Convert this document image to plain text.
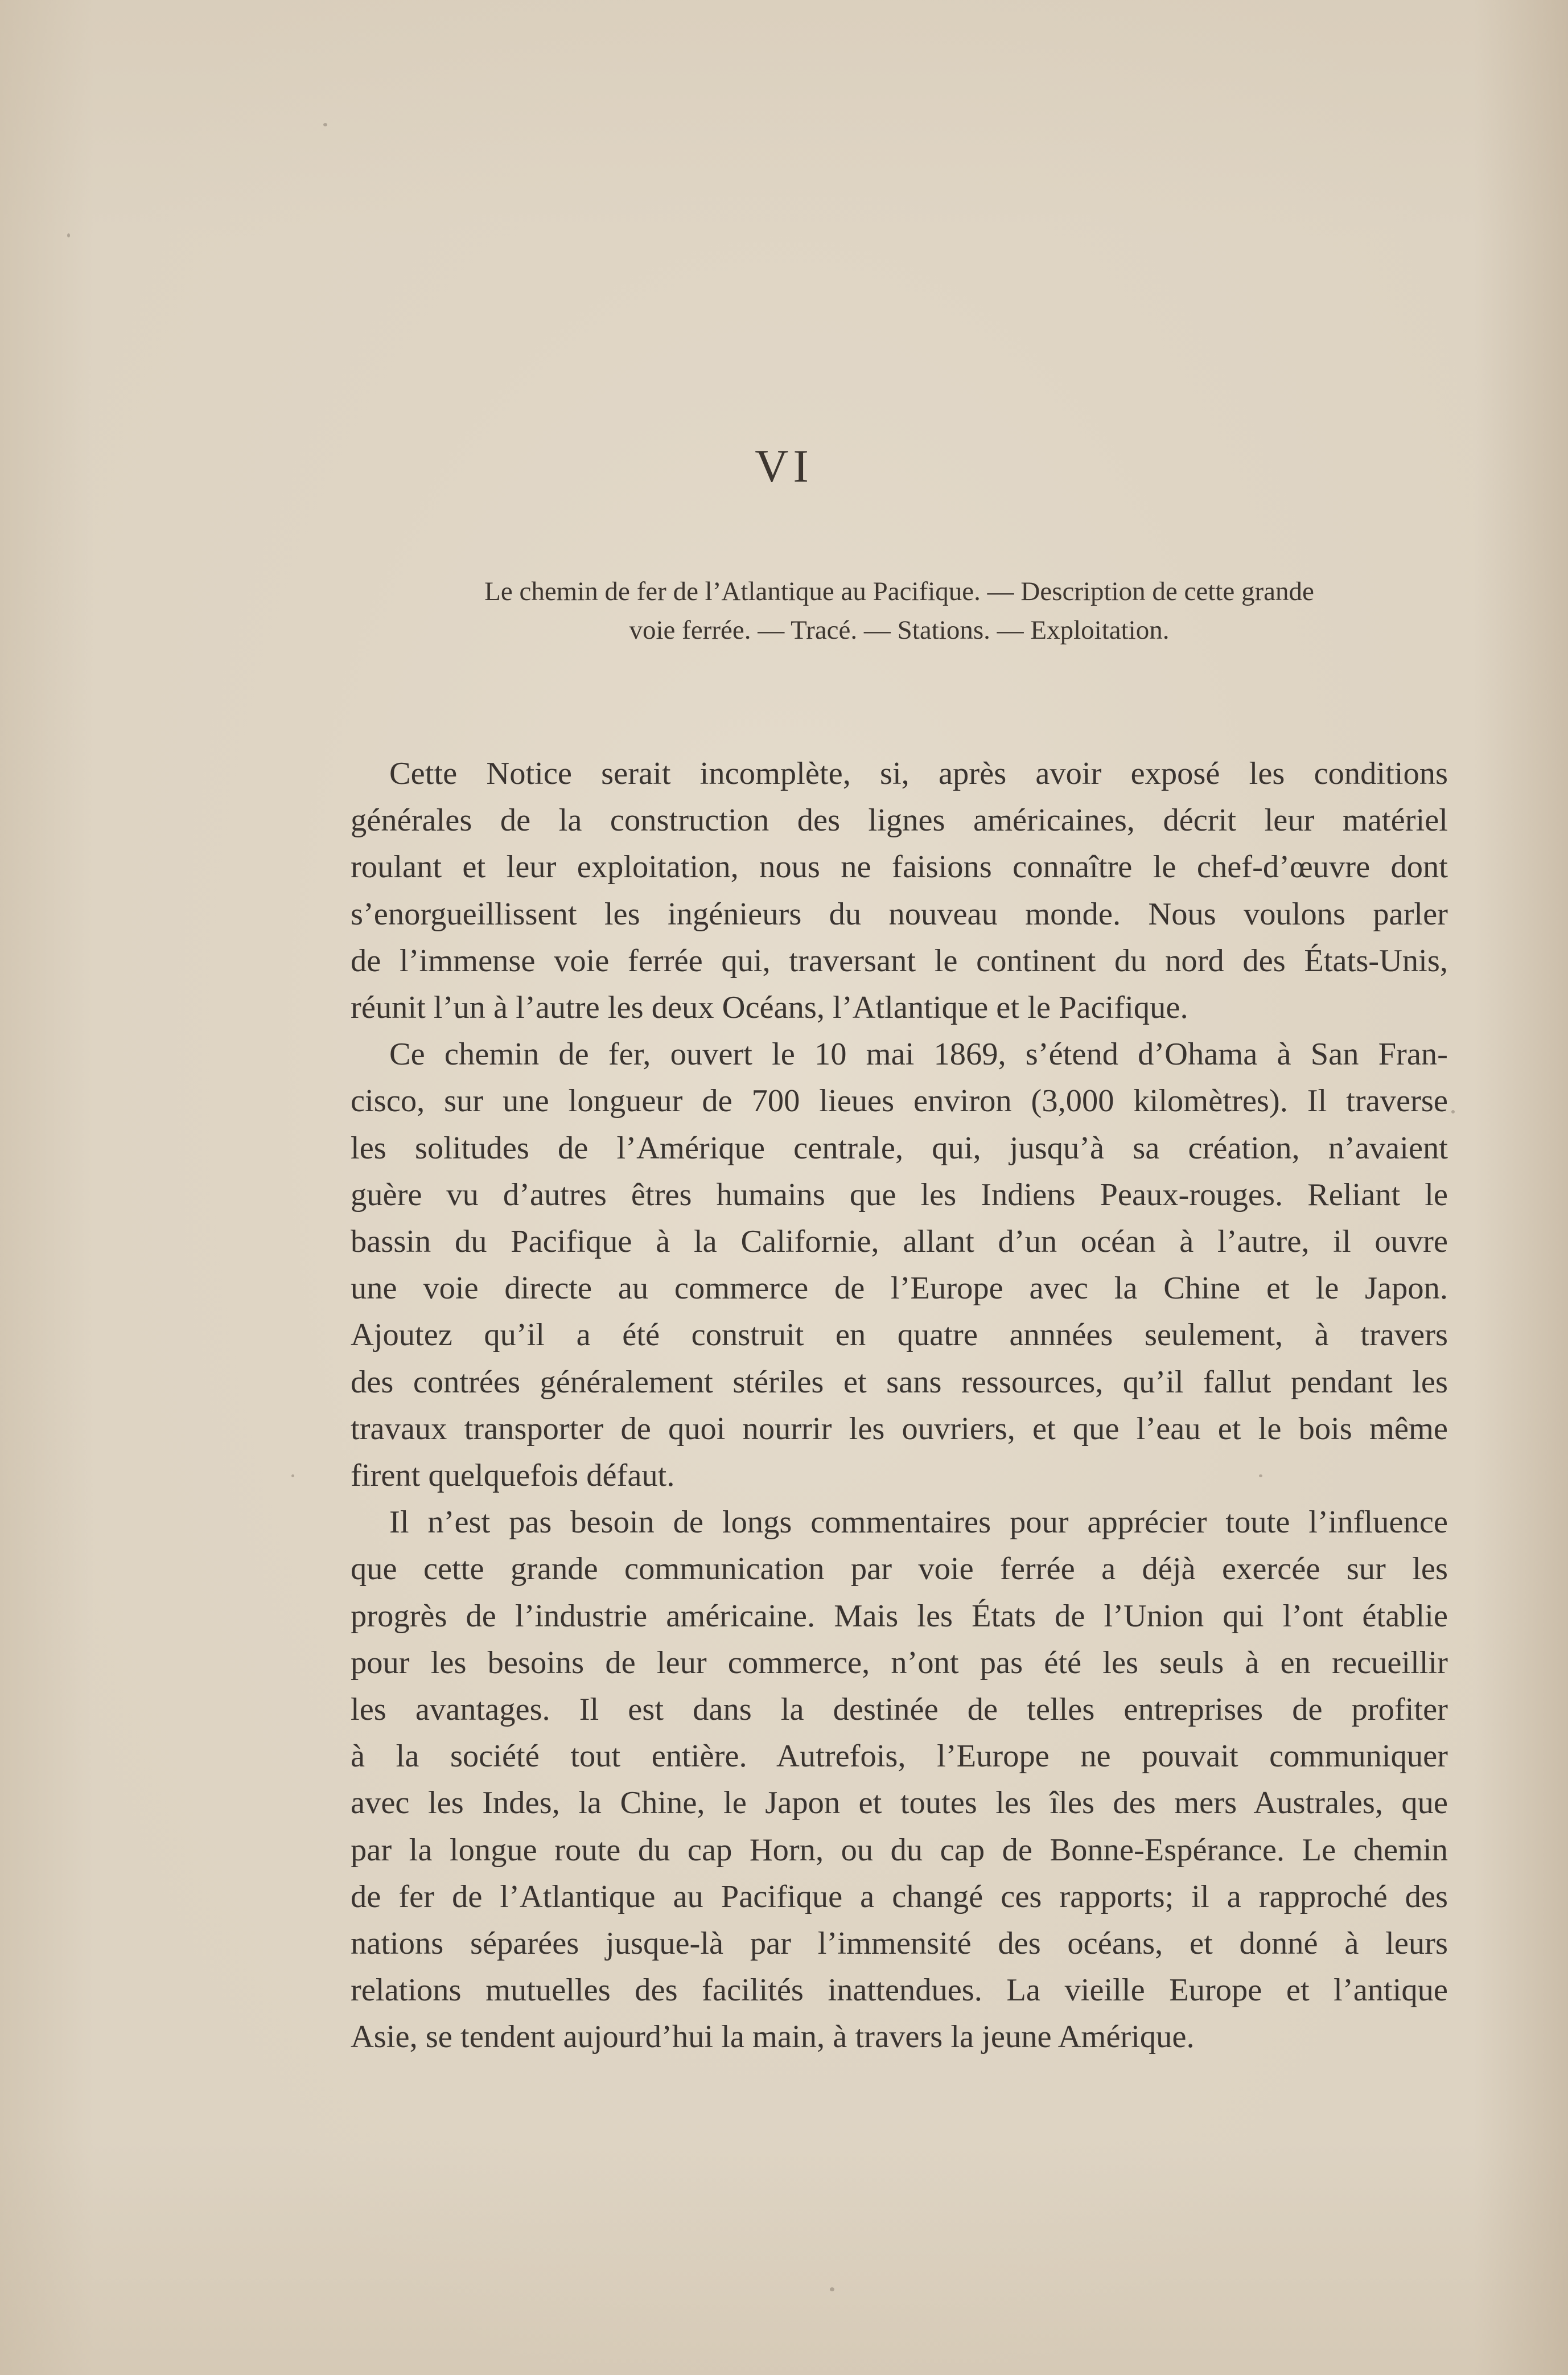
VI
Le chemin de fer de l’Atlantique au Pacifique. — Description de cette grande
voie ferrée. — Tracé. — Stations. — Exploitation.
Cette Notice serait incomplète, si, après avoir exposé les conditions
générales de la construction des lignes américaines, décrit leur matériel
roulant et leur exploitation, nous ne faisions connaître le chef-d’œuvre dont
s’enorgueillissent les ingénieurs du nouveau monde. Nous voulons parler
de l’immense voie ferrée qui, traversant le continent du nord des États-Unis,
réunit l’un à l’autre les deux Océans, l’Atlantique et le Pacifique.
Ce chemin de fer, ouvert le 10 mai 1869, s’étend d’Ohama à San Fran-
cisco, sur une longueur de 700 lieues environ (3,000 kilomètres). Il traverse
les solitudes de l’Amérique centrale, qui, jusqu’à sa création, n’avaient
guère vu d’autres êtres humains que les Indiens Peaux-rouges. Reliant le
bassin du Pacifique à la Californie, allant d’un océan à l’autre, il ouvre
une voie directe au commerce de l’Europe avec la Chine et le Japon.
Ajoutez qu’il a été construit en quatre annnées seulement, à travers
des contrées généralement stériles et sans ressources, qu’il fallut pendant les
travaux transporter de quoi nourrir les ouvriers, et que l’eau et le bois même
firent quelquefois défaut.
Il n’est pas besoin de longs commentaires pour apprécier toute l’influence
que cette grande communication par voie ferrée a déjà exercée sur les
progrès de l’industrie américaine. Mais les États de l’Union qui l’ont établie
pour les besoins de leur commerce, n’ont pas été les seuls à en recueillir
les avantages. Il est dans la destinée de telles entreprises de profiter
à la société tout entière. Autrefois, l’Europe ne pouvait communiquer
avec les Indes, la Chine, le Japon et toutes les îles des mers Australes, que
par la longue route du cap Horn, ou du cap de Bonne-Espérance. Le chemin
de fer de l’Atlantique au Pacifique a changé ces rapports; il a rapproché des
nations séparées jusque-là par l’immensité des océans, et donné à leurs
relations mutuelles des facilités inattendues. La vieille Europe et l’antique
Asie, se tendent aujourd’hui la main, à travers la jeune Amérique.
